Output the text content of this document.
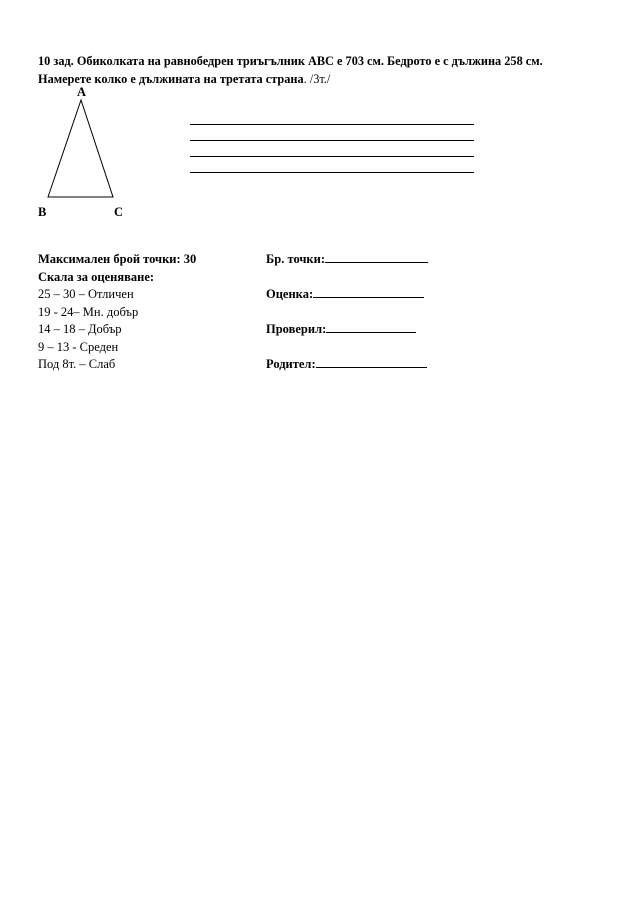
10 зад. Обиколката на равнобедрен триъгълник ABC е 703 см. Бедрото е с дължина 258 см. Намерете колко е дължината на третата страна. /3т./
A
B	C
Максимален брой точки: 30
Скала за оценяване:
25 – 30 – Отличен
19 - 24– Мн. добър
14 – 18 – Добър
9 – 13 - Среден
Под 8т. – Слаб
Бр. точки:
Оценка:
Проверил:
Родител:
